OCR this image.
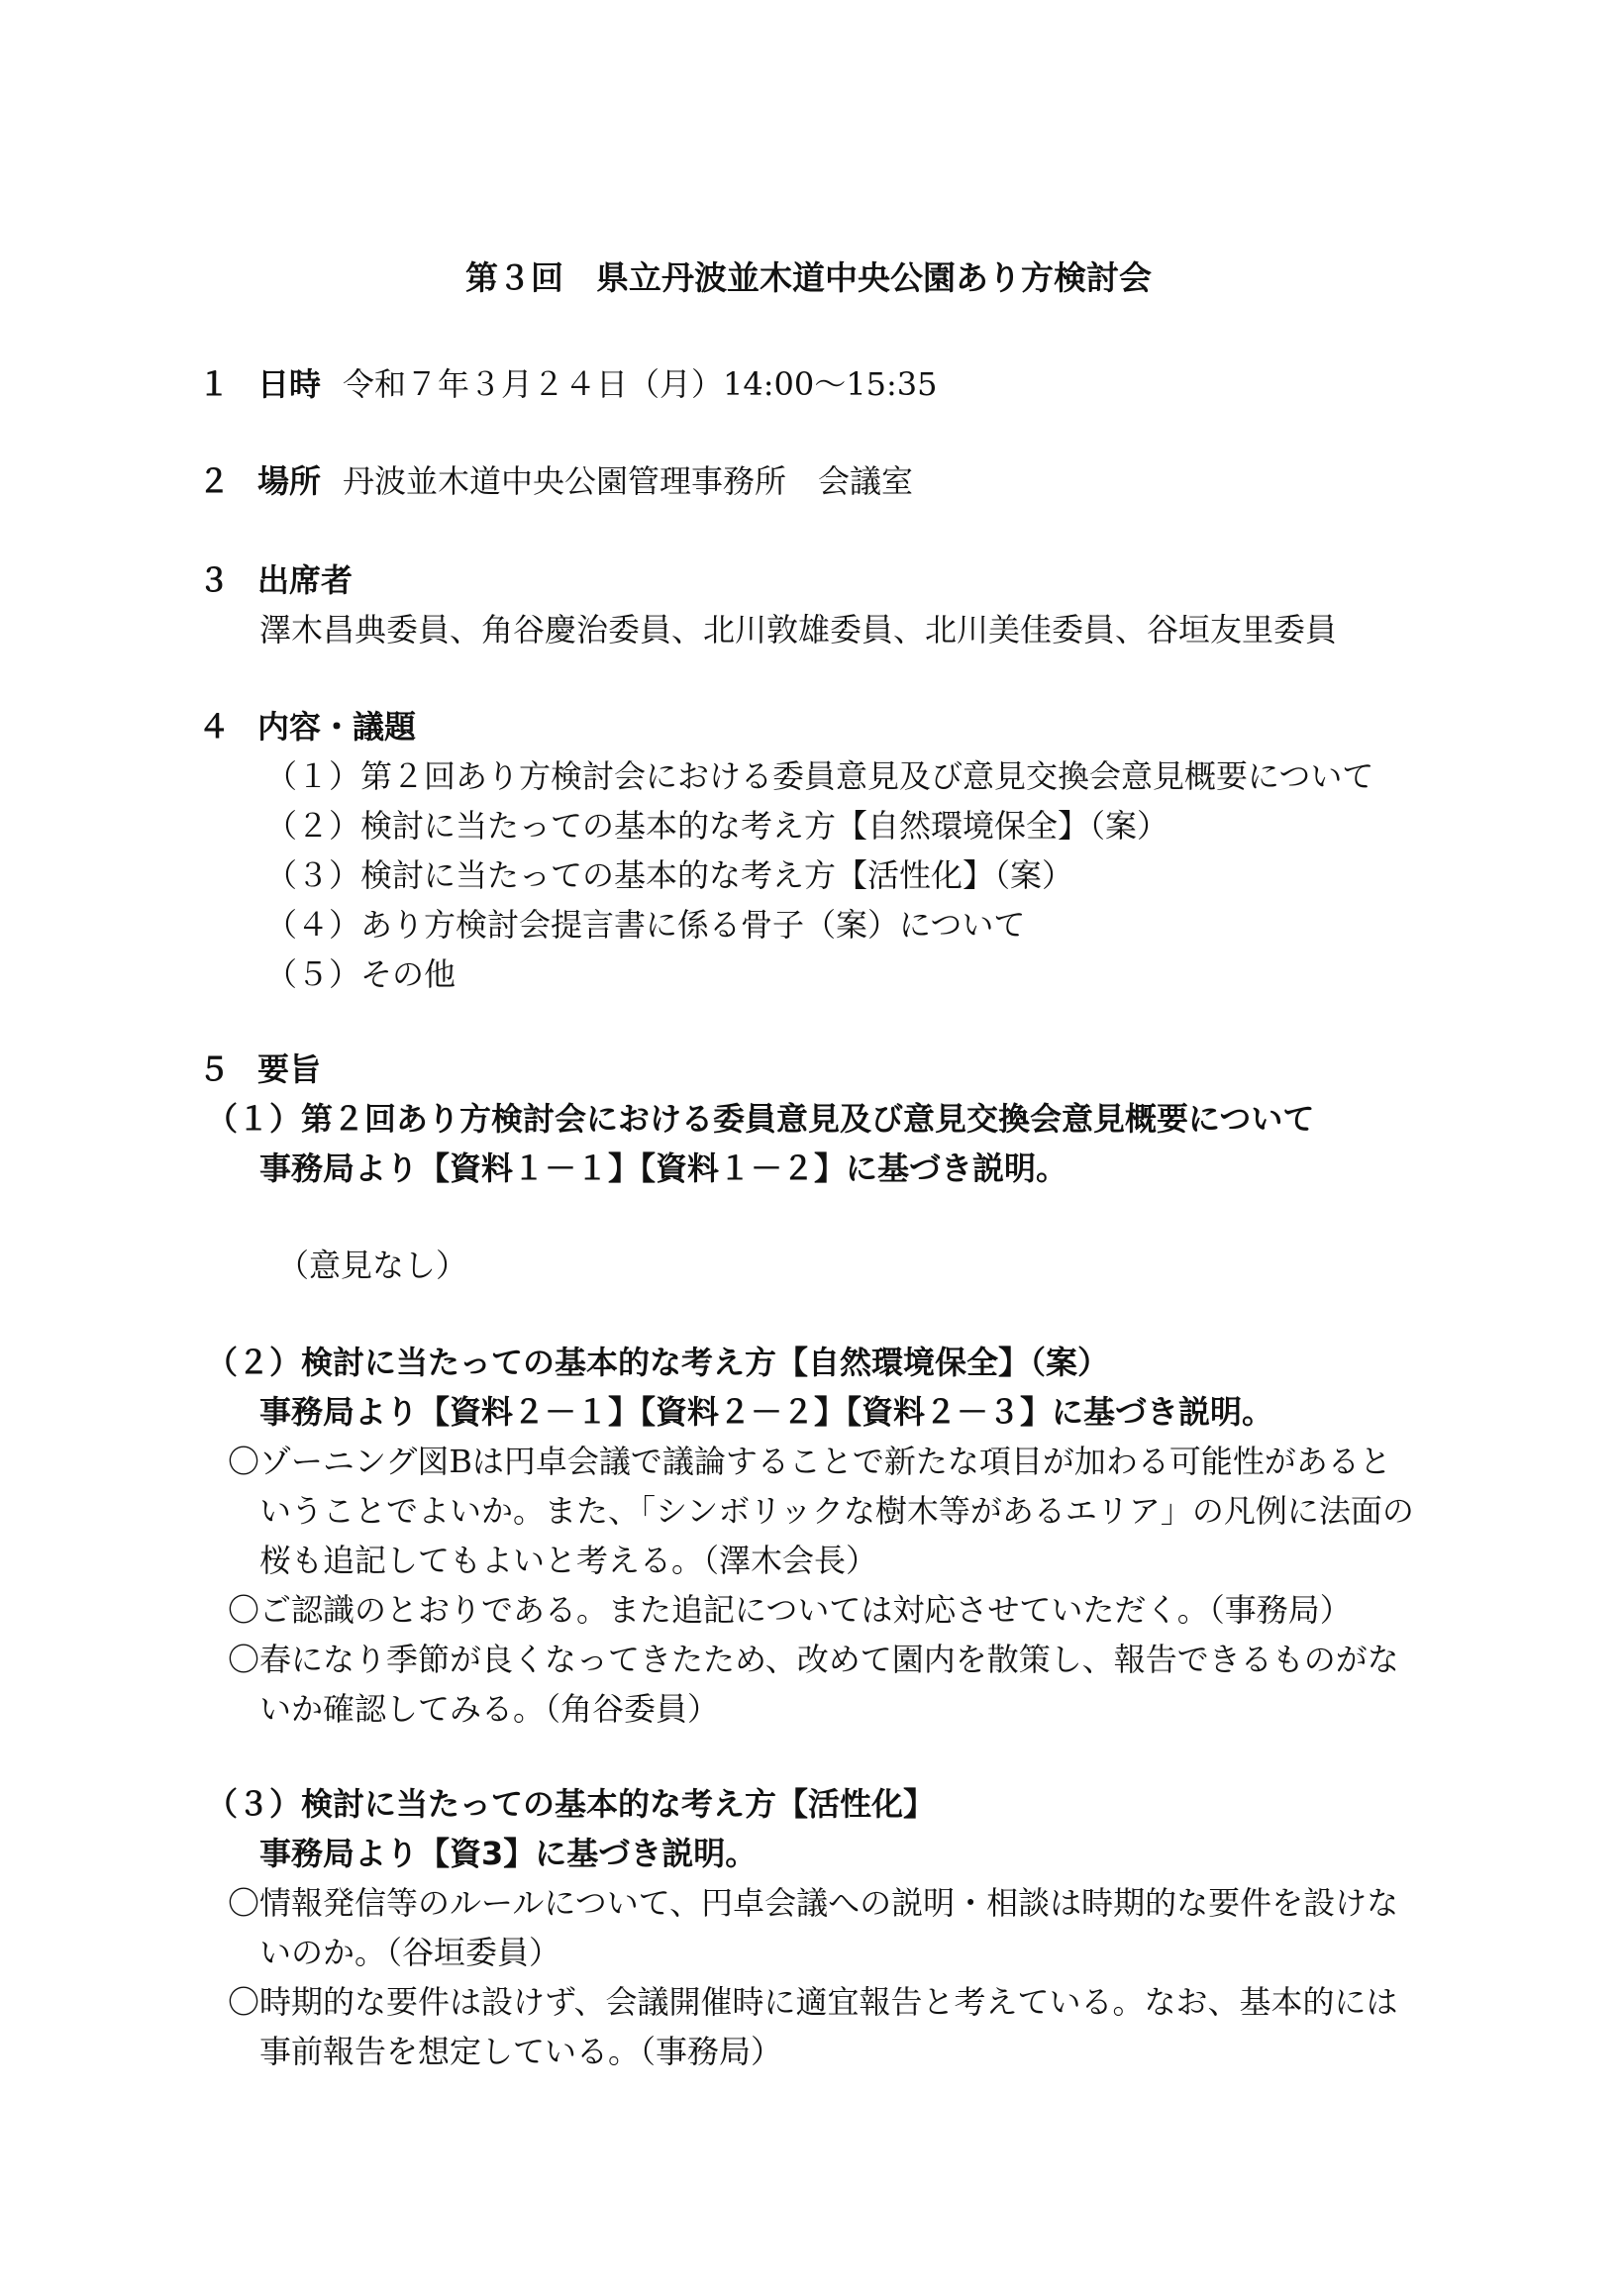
第３回　県立丹波並木道中央公園あり方検討会
１ 日時 令和７年３月２４日（月）14:00～15:35
２ 場所 丹波並木道中央公園管理事務所　会議室
３ 出席者
澤木昌典委員、角谷慶治委員、北川敦雄委員、北川美佳委員、谷垣友里委員
４ 内容・議題
（１）第２回あり方検討会における委員意見及び意見交換会意見概要について
（２）検討に当たっての基本的な考え方【自然環境保全】（案）
（３）検討に当たっての基本的な考え方【活性化】（案）
（４）あり方検討会提言書に係る骨子（案）について
（５）その他
５ 要旨
（１）第２回あり方検討会における委員意見及び意見交換会意見概要について
事務局より【資料１－１】【資料１－２】に基づき説明。
（意見なし）
（２）検討に当たっての基本的な考え方【自然環境保全】（案）
事務局より【資料２－１】【資料２－２】【資料２－３】に基づき説明。
〇ゾーニング図Bは円卓会議で議論することで新たな項目が加わる可能性があると
いうことでよいか。また、「シンボリックな樹木等があるエリア」の凡例に法面の
桜も追記してもよいと考える。（澤木会長）
〇ご認識のとおりである。また追記については対応させていただく。（事務局）
〇春になり季節が良くなってきたため、改めて園内を散策し、報告できるものがな
いか確認してみる。（角谷委員）
（３）検討に当たっての基本的な考え方【活性化】
事務局より【資3】に基づき説明。
〇情報発信等のルールについて、円卓会議への説明・相談は時期的な要件を設けな
いのか。（谷垣委員）
〇時期的な要件は設けず、会議開催時に適宜報告と考えている。なお、基本的には
事前報告を想定している。（事務局）
